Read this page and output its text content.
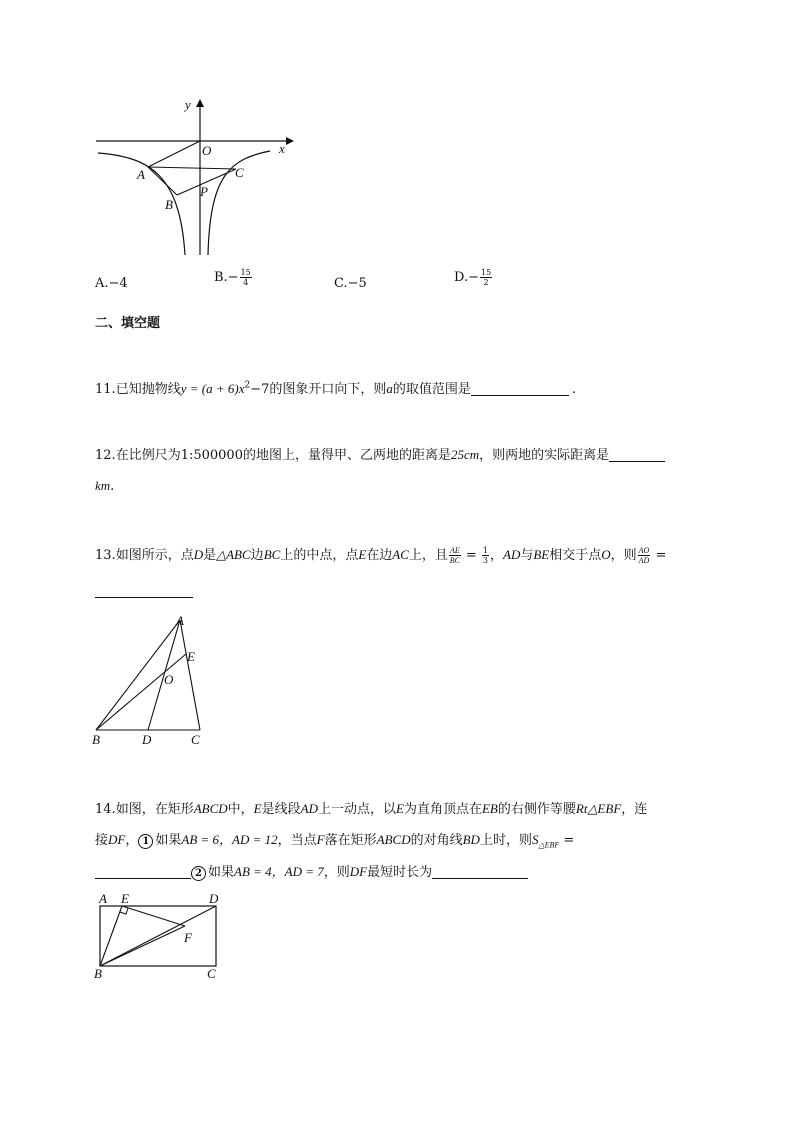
y
x
O
A
B
C
P
A.−4	$B.- \frac{15}{4}$	C.−5	$D.- \frac{15}{2}$
二、填空题
11.已知抛物线$y = (a + 6)x^2-7$的图象开口向下，则a的取值范围是	.
12.在比例尺为1:500000的地图上，量得甲、乙两地的距离是25cm，则两地的实际距离是
km.
13.如图所示，点D是△ABC边BC上的中点，点E在边AC上，且 $\frac{AE}{BC} = \frac{1}{3}$ ，AD与BE相交于点O，则 $\frac{AO}{AD}$ =
A
E
O
B	D	C
14.如图，在矩形ABCD中，E是线段AD上一动点，以E为直角顶点在EB的右侧作等腰Rt△EBF，连
接DF， 1 如果AB = 6，AD = 12，当点F落在矩形ABCD的对角线BD上时，则$S_{\triangle EBF}$ =
2 如果AB = 4，AD = 7，则DF最短时长为
A E	D
F
B	C
